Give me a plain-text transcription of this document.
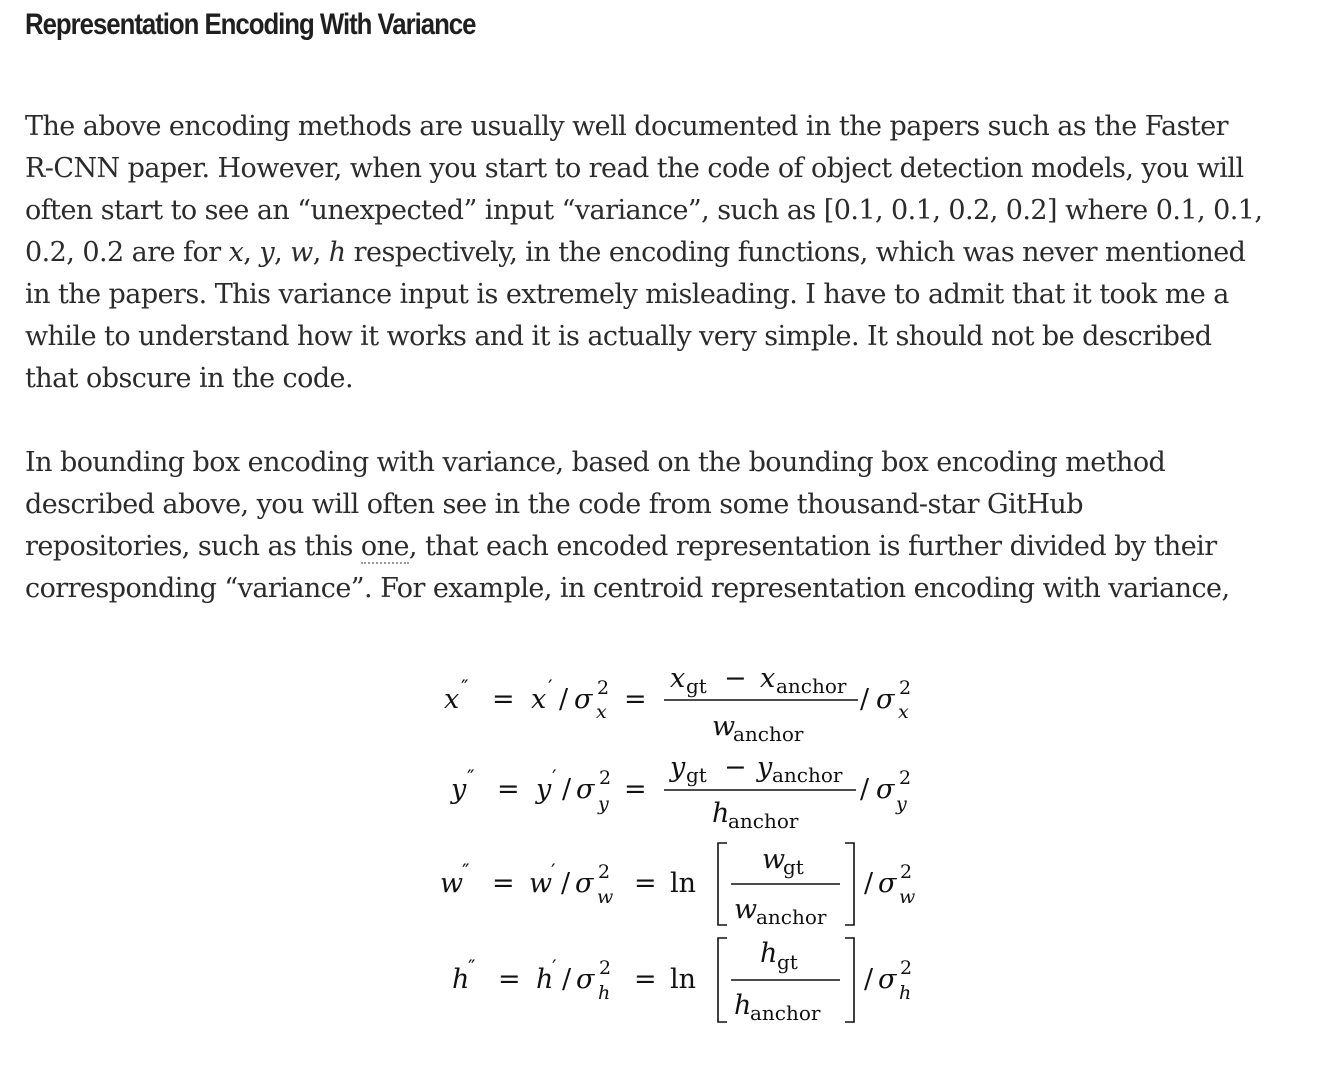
Representation Encoding With Variance

The above encoding methods are usually well documented in the papers such as the Faster
R-CNN paper. However, when you start to read the code of object detection models, you will
often start to see an “unexpected” input “variance”, such as [0.1, 0.1, 0.2, 0.2] where 0.1, 0.1,
0.2, 0.2 are for x, y, w, h respectively, in the encoding functions, which was never mentioned
in the papers. This variance input is extremely misleading. I have to admit that it took me a
while to understand how it works and it is actually very simple. It should not be described
that obscure in the code.

In bounding box encoding with variance, based on the bounding box encoding method
described above, you will often see in the code from some thousand-star GitHub
repositories, such as this one, that each encoded representation is further divided by their
corresponding “variance”. For example, in centroid representation encoding with variance,

x ″ = x ′ / σ 2
x =
x gt − x anchor
w
anchor
/ σ 2
x
y ″ = y ′ / σ 2
y =
y gt − y anchor
h
anchor
/ σ 2
y
w
″ = w
′ / σ 2
w = ln
w
gt
w
anchor
/ σ 2
w
h
″ = h
′ / σ 2
h = ln
h gt
h
anchor
/ σ 2
h
